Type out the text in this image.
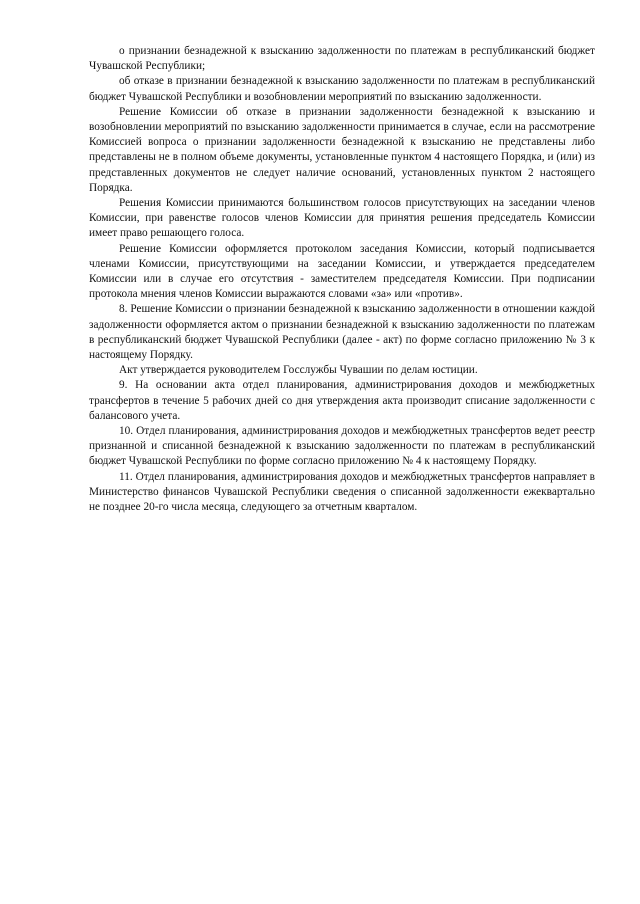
о признании безнадежной к взысканию задолженности по платежам в республиканский бюджет Чувашской Республики;

об отказе в признании безнадежной к взысканию задолженности по платежам в республиканский бюджет Чувашской Республики и возобновлении мероприятий по взысканию задолженности.

Решение Комиссии об отказе в признании задолженности безнадежной к взысканию и возобновлении мероприятий по взысканию задолженности принимается в случае, если на рассмотрение Комиссией вопроса о признании задолженности безнадежной к взысканию не представлены либо представлены не в полном объеме документы, установленные пунктом 4 настоящего Порядка, и (или) из представленных документов не следует наличие оснований, установленных пунктом 2 настоящего Порядка.

Решения Комиссии принимаются большинством голосов присутствующих на заседании членов Комиссии, при равенстве голосов членов Комиссии для принятия решения председатель Комиссии имеет право решающего голоса.

Решение Комиссии оформляется протоколом заседания Комиссии, который подписывается членами Комиссии, присутствующими на заседании Комиссии, и утверждается председателем Комиссии или в случае его отсутствия - заместителем председателя Комиссии. При подписании протокола мнения членов Комиссии выражаются словами «за» или «против».

8. Решение Комиссии о признании безнадежной к взысканию задолженности в отношении каждой задолженности оформляется актом о признании безнадежной к взысканию задолженности по платежам в республиканский бюджет Чувашской Республики (далее - акт) по форме согласно приложению № 3 к настоящему Порядку.

Акт утверждается руководителем Госслужбы Чувашии по делам юстиции.

9. На основании акта отдел планирования, администрирования доходов и межбюджетных трансфертов в течение 5 рабочих дней со дня утверждения акта производит списание задолженности с балансового учета.

10. Отдел планирования, администрирования доходов и межбюджетных трансфертов ведет реестр признанной и списанной безнадежной к взысканию задолженности по платежам в республиканский бюджет Чувашской Республики по форме согласно приложению № 4 к настоящему Порядку.

11. Отдел планирования, администрирования доходов и межбюджетных трансфертов направляет в Министерство финансов Чувашской Республики сведения о списанной задолженности ежеквартально не позднее 20-го числа месяца, следующего за отчетным кварталом.
